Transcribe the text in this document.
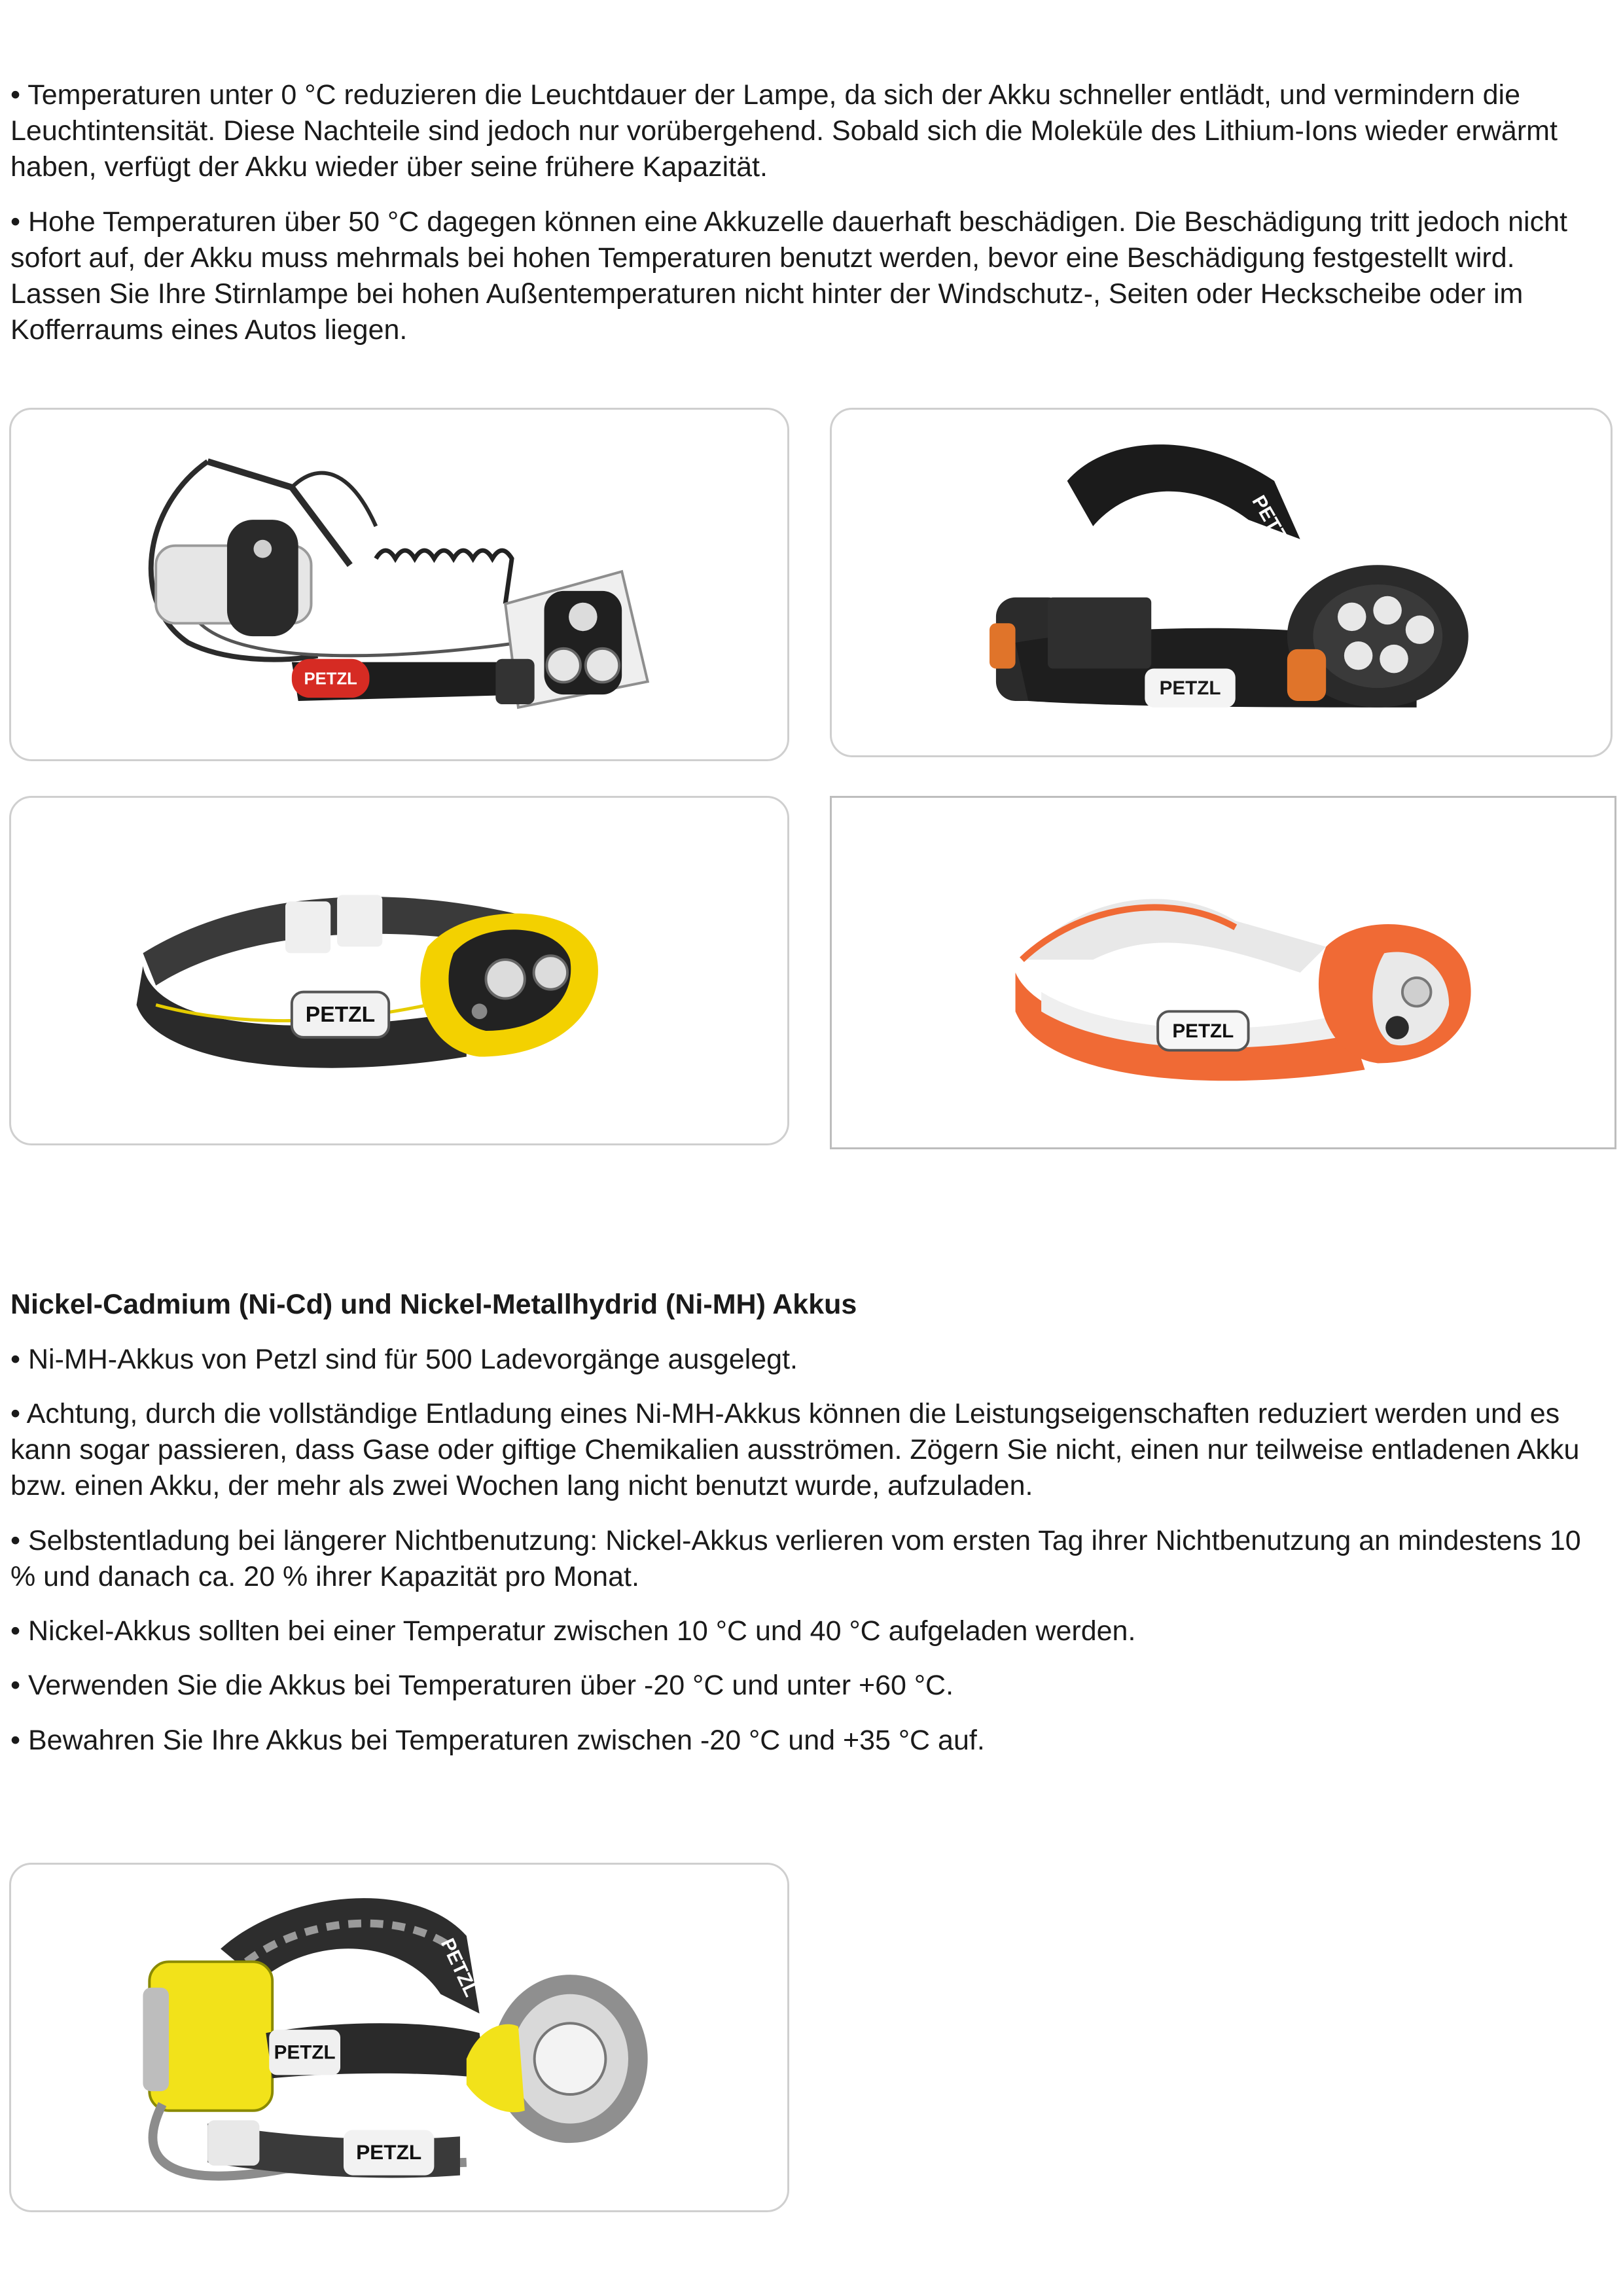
• Temperaturen unter 0 °C reduzieren die Leuchtdauer der Lampe, da sich der Akku schneller entlädt, und vermindern die Leuchtintensität. Diese Nachteile sind jedoch nur vorübergehend. Sobald sich die Moleküle des Lithium-Ions wieder erwärmt haben, verfügt der Akku wieder über seine frühere Kapazität.

• Hohe Temperaturen über 50 °C dagegen können eine Akkuzelle dauerhaft beschädigen. Die Beschädigung tritt jedoch nicht sofort auf, der Akku muss mehrmals bei hohen Temperaturen benutzt werden, bevor eine Beschädigung festgestellt wird. Lassen Sie Ihre Stirnlampe bei hohen Außentemperaturen nicht hinter der Windschutz-, Seiten oder Heckscheibe oder im Kofferraums eines Autos liegen.

PETZL
PETZL
PETZL
PETZL
PETZL

Nickel-Cadmium (Ni-Cd) und Nickel-Metallhydrid (Ni-MH) Akkus

• Ni-MH-Akkus von Petzl sind für 500 Ladevorgänge ausgelegt.

• Achtung, durch die vollständige Entladung eines Ni-MH-Akkus können die Leistungseigenschaften reduziert werden und es kann sogar passieren, dass Gase oder giftige Chemikalien ausströmen. Zögern Sie nicht, einen nur teilweise entladenen Akku bzw. einen Akku, der mehr als zwei Wochen lang nicht benutzt wurde, aufzuladen.

• Selbstentladung bei längerer Nichtbenutzung: Nickel-Akkus verlieren vom ersten Tag ihrer Nichtbenutzung an mindestens 10 % und danach ca. 20 % ihrer Kapazität pro Monat.

• Nickel-Akkus sollten bei einer Temperatur zwischen 10 °C und 40 °C aufgeladen werden.

• Verwenden Sie die Akkus bei Temperaturen über -20 °C und unter +60 °C.

• Bewahren Sie Ihre Akkus bei Temperaturen zwischen -20 °C und +35 °C auf.

PETZL
PETZL
PETZL
